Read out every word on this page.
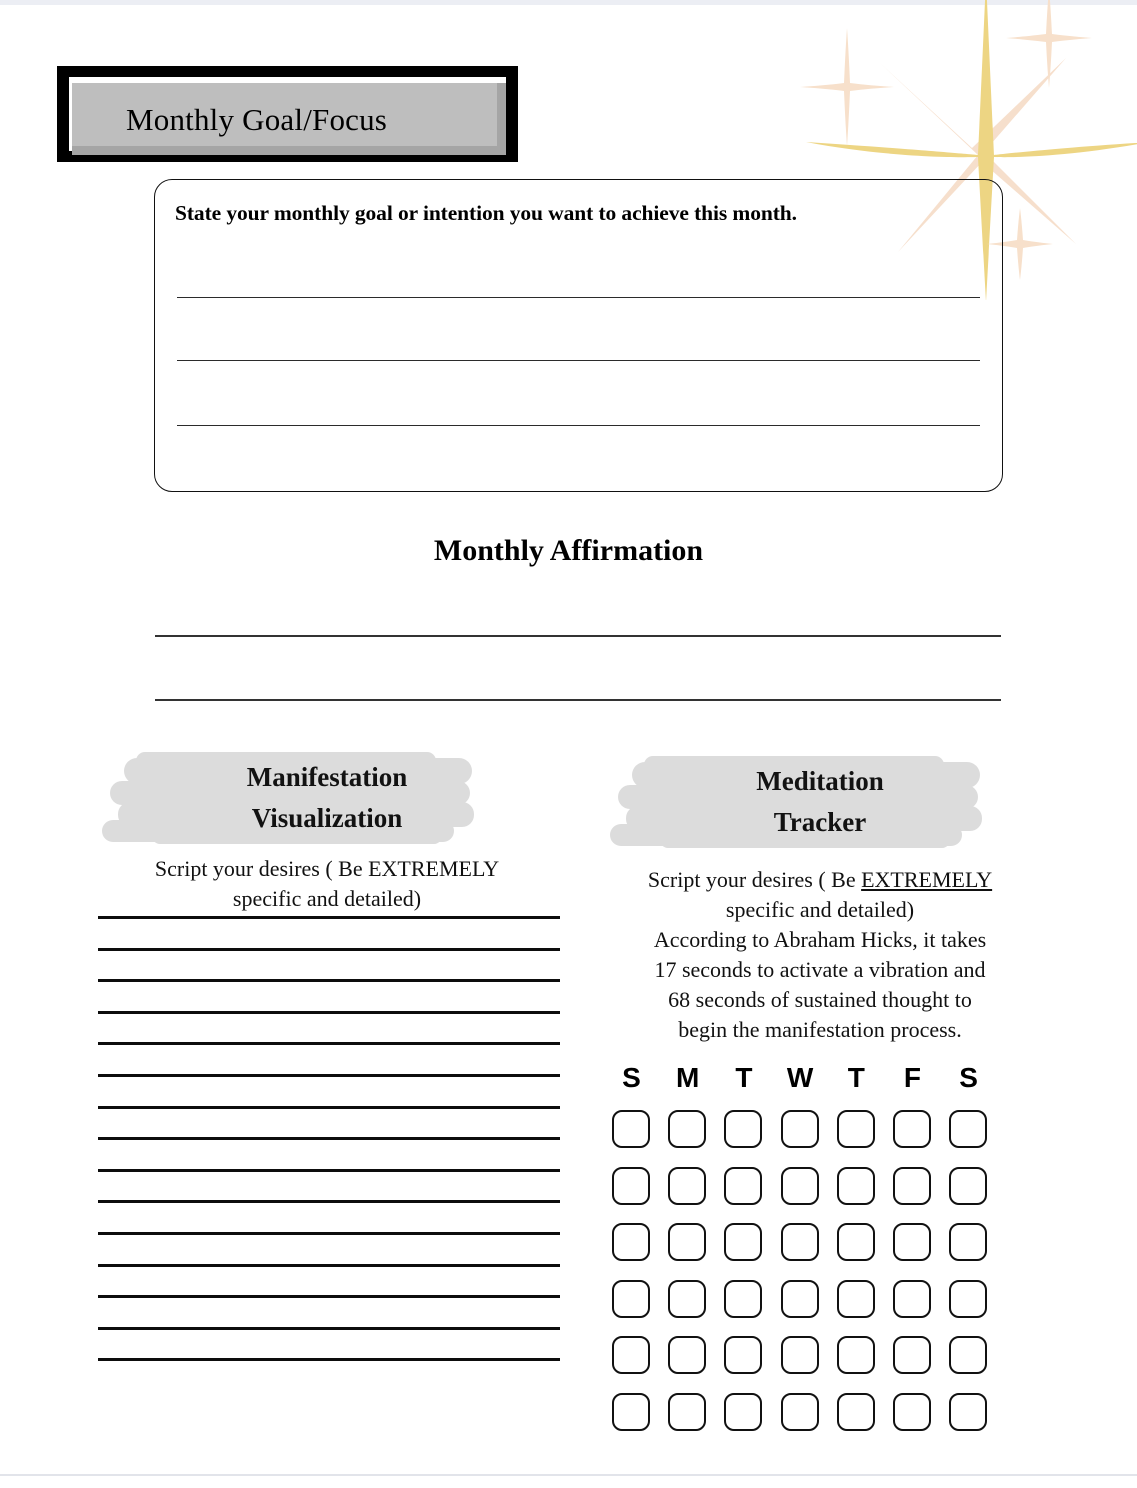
Monthly Goal/Focus
State your monthly goal or intention you want to achieve this month.
Monthly Affirmation
Manifestation
Visualization
Script your desires ( Be EXTREMELY
specific and detailed)
Meditation
Tracker
Script your desires ( Be EXTREMELY
specific and detailed)
According to Abraham Hicks, it takes
17 seconds to activate a vibration and
68 seconds of sustained thought to
begin the manifestation process.
S	M	T	W	T	F	S
